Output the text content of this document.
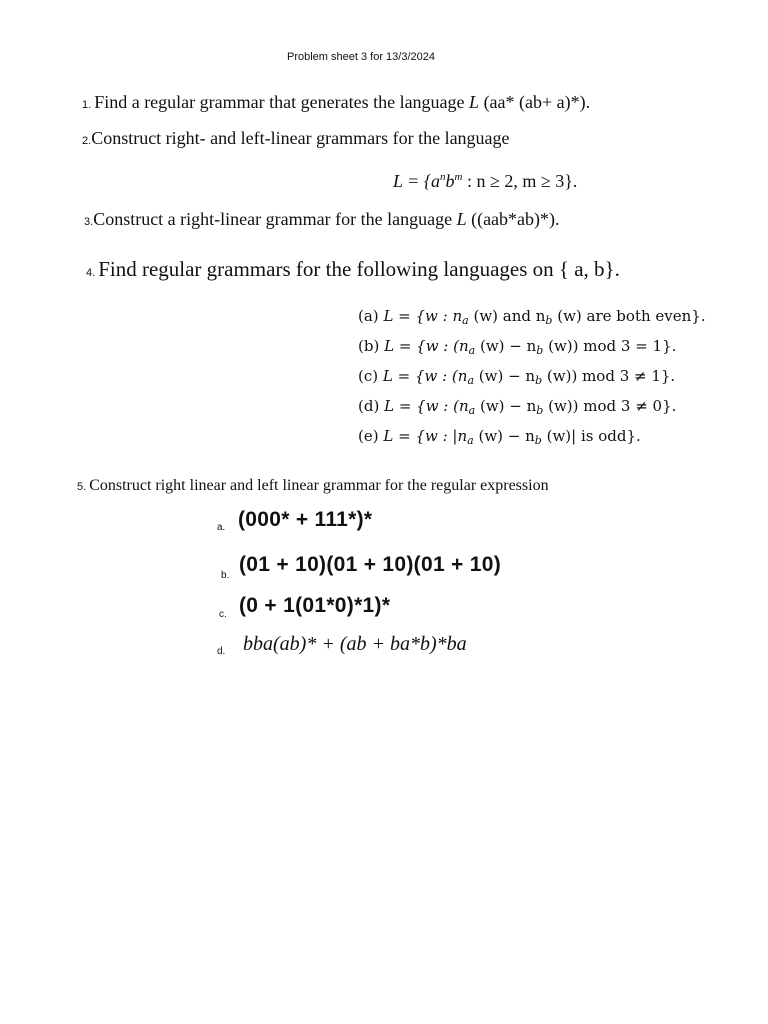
Problem sheet 3 for 13/3/2024
1. Find a regular grammar that generates the language L (aa* (ab+ a)*).
2.Construct right- and left-linear grammars for the language
$L = \{a^nb^m$ : n ≥ 2, m ≥ 3}.
3.Construct a right-linear grammar for the language L ((aab*ab)*).
4. Find regular grammars for the following languages on { a, b}.
(a) L = {w : $n_a$ (w) and $n_b$ (w) are both even}.
(b) L = {w : ($n_a$ $(w) - n_b$ (w)) mod 3 = 1}.
(c) L = {w : ($n_a$ $(w) - n_b$ (w)) mod 3 ≠ 1}.
(d) L = {w : ($n_a$ $(w) - n_b$ (w)) mod 3 ≠ 0}.
(e) L = {w : $|n_a$ $(w) - n_b$ (w)| is odd}.
5. Construct right linear and left linear grammar for the regular expression
a. (000* + 111*)*
b. (01 + 10)(01 + 10)(01 + 10)
c. (0 + 1(01*0)*1)*
d. bba(ab)* + (ab + ba*b)*ba
